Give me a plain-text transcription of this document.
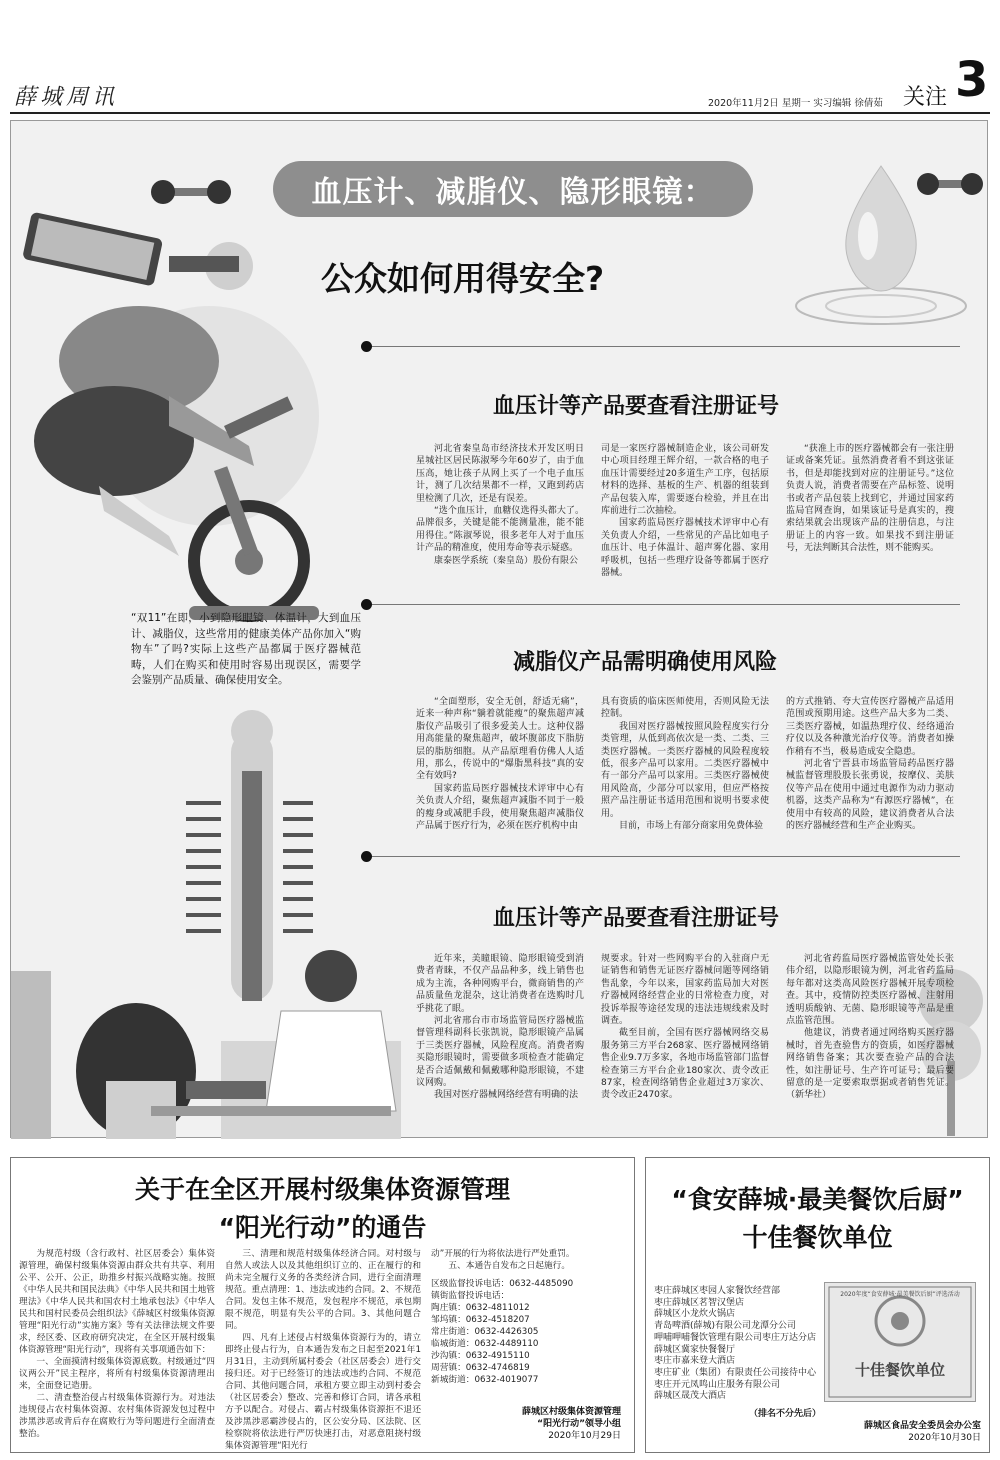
薛城周讯	2020年11月2日 星期一 实习编辑 徐倩茹 关注 3
血压计、减脂仪、隐形眼镜：
公众如何用得安全?
“双11”在即，小到隐形眼镜、体温计，大到血压计、减脂仪，这些常用的健康美体产品你加入“购物车”了吗?实际上这些产品都属于医疗器械范畴，人们在购买和使用时容易出现误区，需要学会鉴别产品质量、确保使用安全。
血压计等产品要查看注册证号

河北省秦皇岛市经济技术开发区明日星城社区居民陈淑琴今年60岁了，由于血压高，她让孩子从网上买了一个电子血压计，测了几次结果都不一样，又跑到药店里检测了几次，还是有误差。

“选个血压计，血糖仪选得头都大了。品牌很多，关键是能不能测量准，能不能用得住。”陈淑琴说，很多老年人对于血压计产品的精准度，使用寿命等表示疑惑。

康泰医学系统（秦皇岛）股份有限公

司是一家医疗器械制造企业，该公司研发中心项目经理王辉介绍，一款合格的电子血压计需要经过20多道生产工序，包括原材料的选择、基板的生产、机器的组装到产品包装入库，需要逐台检验，并且在出库前进行二次抽检。

国家药监局医疗器械技术评审中心有关负责人介绍，一些常见的产品比如电子血压计、电子体温计、超声雾化器、家用呼吸机，包括一些理疗设备等都属于医疗器械。

“获准上市的医疗器械都会有一张注册证或备案凭证。虽然消费者看不到这张证书，但是却能找到对应的注册证号。”这位负责人说，消费者需要在产品标签、说明书或者产品包装上找到它，并通过国家药监局官网查询，如果该证号是真实的，搜索结果就会出现该产品的注册信息，与注册证上的内容一致。如果找不到注册证号，无法判断其合法性，则不能购买。

减脂仪产品需明确使用风险

“全面塑形，安全无创，舒适无痛”，近来一种声称“躺着就能瘦”的聚焦超声减脂仪产品吸引了很多爱美人士。这种仪器用高能量的聚焦超声，破坏腹部皮下脂肪层的脂肪细胞。从产品原理看仿佛人人适用，那么，传说中的“爆脂黑科技”真的安全有效吗?

国家药监局医疗器械技术评审中心有关负责人介绍，聚焦超声减脂不同于一般的瘦身或减肥手段，使用聚焦超声减脂仪产品属于医疗行为，必须在医疗机构中由

具有资质的临床医师使用，否则风险无法控制。

我国对医疗器械按照风险程度实行分类管理，从低到高依次是一类、二类、三类医疗器械。一类医疗器械的风险程度较低，很多产品可以家用。二类医疗器械中有一部分产品可以家用。三类医疗器械使用风险高，少部分可以家用，但应严格按照产品注册证书适用范围和说明书要求使用。

目前，市场上有部分商家用免费体验

的方式推销、夸大宣传医疗器械产品适用范围或预期用途。这些产品大多为二类、三类医疗器械，如温热理疗仪、经络通治疗仪以及各种激光治疗仪等。消费者如操作稍有不当，极易造成安全隐患。

河北省宁晋县市场监管局药品医疗器械监督管理股股长张勇说，按摩仪、美肤仪等产品在使用中通过电源作为动力驱动机器，这类产品称为“有源医疗器械”，在使用中有较高的风险，建议消费者从合法的医疗器械经营和生产企业购买。

血压计等产品要查看注册证号

近年来，美瞳眼镜、隐形眼镜受到消费者青睐，不仅产品品种多，线上销售也成为主流，各种网购平台，微商销售的产品质量鱼龙混杂，这让消费者在选购时几乎挑花了眼。

河北省邢台市市场监管局医疗器械监督管理科副科长张凯说，隐形眼镜产品属于三类医疗器械，风险程度高。消费者购买隐形眼镜时，需要做多项检查才能确定是否合适佩戴和佩戴哪种隐形眼镜，不建议网购。

我国对医疗器械网络经营有明确的法

规要求。针对一些网购平台的入驻商户无证销售和销售无证医疗器械问题等网络销售乱象，今年以来，国家药监局加大对医疗器械网络经营企业的日常检查力度，对投诉举报等途径发现的违法违规线索及时调查。

截至目前，全国有医疗器械网络交易服务第三方平台268家、医疗器械网络销售企业9.7万多家，各地市场监管部门监督检查第三方平台企业180家次、责令改正87家，检查网络销售企业超过3万家次、责令改正2470家。

河北省药监局医疗器械监管处处长张伟介绍，以隐形眼镜为例，河北省药监局每年都对这类高风险医疗器械开展专项检查。其中，疫情防控类医疗器械、注射用透明质酸钠、无菌、隐形眼镜等产品是重点监管范围。

他建议，消费者通过网络购买医疗器械时，首先查验售方的资质，如医疗器械网络销售备案；其次要查验产品的合法性，如注册证号、生产许可证号；最后要留意的是一定要索取票据或者销售凭证。 （新华社）

关于在全区开展村级集体资源管理
“阳光行动”的通告

为规范村级（含行政村、社区居委会）集体资源管理，确保村级集体资源由群众共有共享、利用公平、公开、公正，助推乡村振兴战略实施。按照《中华人民共和国民法典》《中华人民共和国土地管理法》《中华人民共和国农村土地承包法》《中华人民共和国村民委员会组织法》《薛城区村级集体资源管理“阳光行动”实施方案》等有关法律法规文件要求，经区委、区政府研究决定，在全区开展村级集体资源管理“阳光行动”，现将有关事项通告如下：

一、全面摸清村级集体资源底数。村级通过“四议两公开”民主程序，将所有村级集体资源清理出来，全面登记造册。

二、清查整治侵占村级集体资源行为。对违法违规侵占农村集体资源、农村集体资源发包过程中涉黑涉恶或背后存在腐败行为等问题进行全面清查整治。

三、清理和规范村级集体经济合同。对村级与自然人或法人以及其他组织订立的、正在履行的和尚未完全履行义务的各类经济合同，进行全面清理规范。重点清理：1、违法或违约合同。2、不规范合同。发包主体不规范，发包程序不规范，承包期限不规范，明显有失公平的合同。3、其他问题合同。

四、凡有上述侵占村级集体资源行为的，请立即终止侵占行为，自本通告发布之日起至2021年1月31日，主动到所属村委会（社区居委会）进行交接归还。对于已经签订的违法或违约合同、不规范合同、其他问题合同，承租方要立即主动到村委会（社区居委会）整改、完善和修订合同，请各承租方予以配合。对侵占、霸占村级集体资源拒不退还及涉黑涉恶霸涉侵占的，区公安分局、区法院、区检察院将依法进行严厉快速打击，对恶意阻挠村级集体资源管理“阳光行

动”开展的行为将依法进行严处重罚。

五、本通告自发布之日起施行。

区级监督投诉电话：0632-4485090

镇街监督投诉电话：

陶庄镇：0632-4811012

邹坞镇：0632-4518207

常庄街道：0632-4426305

临城街道：0632-4489110

沙沟镇：0632-4915110

周营镇：0632-4746819

新城街道：0632-4019077

薛城区村级集体资源管理
“阳光行动”领导小组
2020年10月29日
“食安薛城·最美餐饮后厨”
十佳餐饮单位
枣庄薛城区枣园人家餐饮经营部
枣庄薛城区茗智汉堡店
薛城区小龙炊火锅店
青岛啤酒(薛城)有限公司龙潭分公司
呷哺呷哺餐饮管理有限公司枣庄万达分店
薛城区冀家快餐餐厅
枣庄市嘉来登大酒店
枣庄矿业（集团）有限责任公司接待中心
枣庄开元凤鸣山庄服务有限公司
薛城区晟茂大酒店
（排名不分先后）
2020年度“食安薛城·最美餐饮后厨”评选活动
十佳餐饮单位
薛城区食品安全委员会办公室
2020年10月30日
